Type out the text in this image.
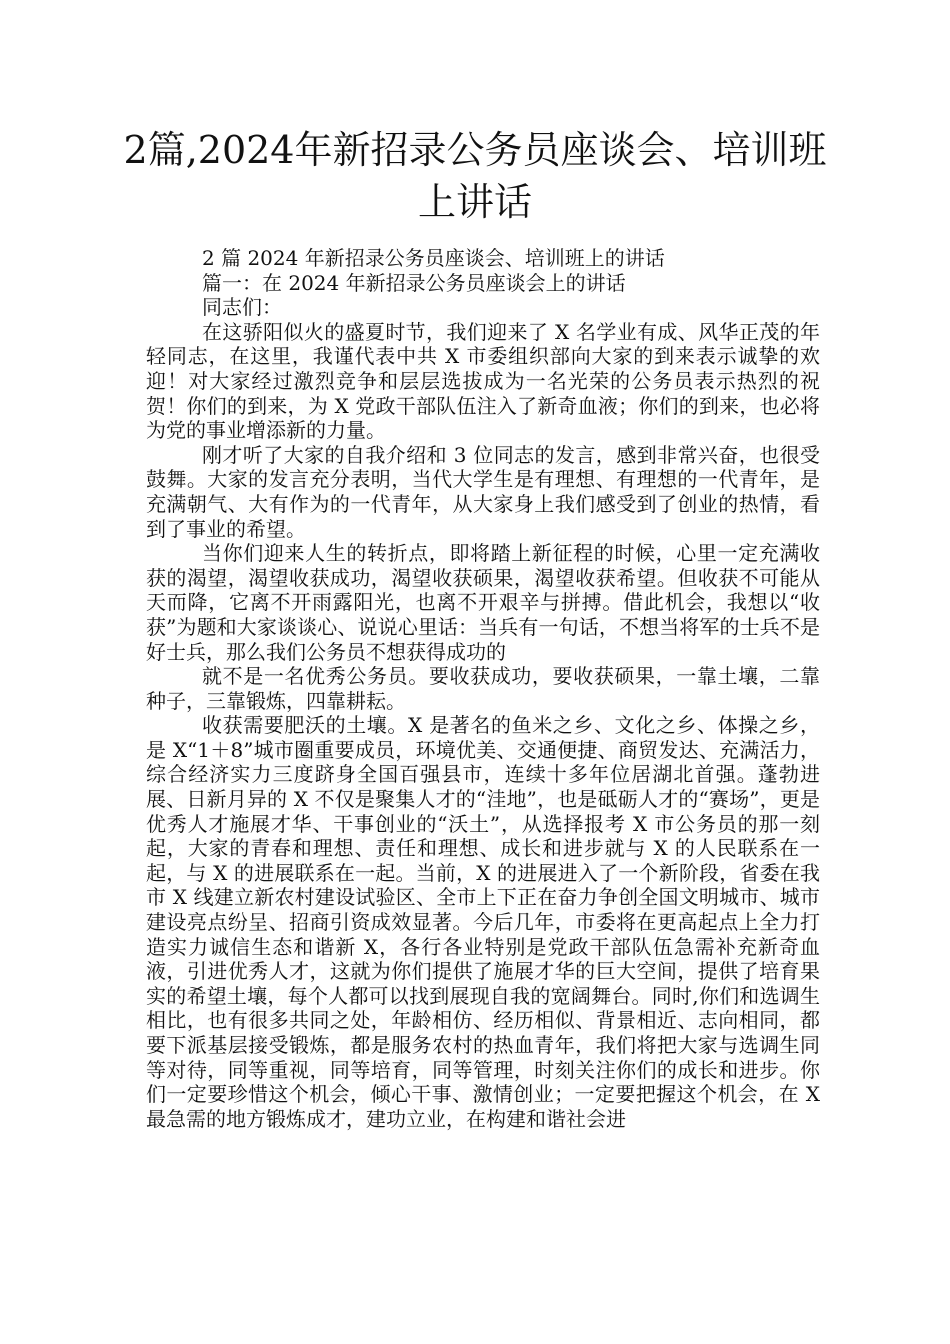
2篇,2024年新招录公务员座谈会、培训班
上讲话

2 篇 2024 年新招录公务员座谈会、培训班上的讲话

篇一：在 2024 年新招录公务员座谈会上的讲话

同志们：

在这骄阳似火的盛夏时节，我们迎来了 X 名学业有成、风华正茂的年轻同志，在这里，我谨代表中共 X 市委组织部向大家的到来表示诚挚的欢迎！对大家经过激烈竞争和层层选拔成为一名光荣的公务员表示热烈的祝贺！你们的到来，为 X 党政干部队伍注入了新奇血液；你们的到来，也必将为党的事业增添新的力量。

刚才听了大家的自我介绍和 3 位同志的发言，感到非常兴奋，也很受鼓舞。大家的发言充分表明，当代大学生是有理想、有理想的一代青年，是充满朝气、大有作为的一代青年，从大家身上我们感受到了创业的热情，看到了事业的希望。

当你们迎来人生的转折点，即将踏上新征程的时候，心里一定充满收获的渴望，渴望收获成功，渴望收获硕果，渴望收获希望。但收获不可能从天而降，它离不开雨露阳光，也离不开艰辛与拼搏。借此机会，我想以“收获”为题和大家谈谈心、说说心里话：当兵有一句话，不想当将军的士兵不是好士兵，那么我们公务员不想获得成功的

就不是一名优秀公务员。要收获成功，要收获硕果，一靠土壤，二靠种子，三靠锻炼，四靠耕耘。

收获需要肥沃的土壤。X 是著名的鱼米之乡、文化之乡、体操之乡，是 X“1＋8”城市圈重要成员，环境优美、交通便捷、商贸发达、充满活力，综合经济实力三度跻身全国百强县市，连续十多年位居湖北首强。蓬勃进展、日新月异的 X 不仅是聚集人才的“洼地”，也是砥砺人才的“赛场”，更是优秀人才施展才华、干事创业的“沃土”，从选择报考 X 市公务员的那一刻起，大家的青春和理想、责任和理想、成长和进步就与 X 的人民联系在一起，与 X 的进展联系在一起。当前，X 的进展进入了一个新阶段，省委在我市 X 线建立新农村建设试验区、全市上下正在奋力争创全国文明城市、城市建设亮点纷呈、招商引资成效显著。今后几年，市委将在更高起点上全力打造实力诚信生态和谐新 X，各行各业特别是党政干部队伍急需补充新奇血液，引进优秀人才，这就为你们提供了施展才华的巨大空间，提供了培育果实的希望土壤，每个人都可以找到展现自我的宽阔舞台。同时,你们和选调生相比，也有很多共同之处，年龄相仿、经历相似、背景相近、志向相同，都要下派基层接受锻炼，都是服务农村的热血青年，我们将把大家与选调生同等对待，同等重视，同等培育，同等管理，时刻关注你们的成长和进步。你们一定要珍惜这个机会，倾心干事、激情创业；一定要把握这个机会，在 X 最急需的地方锻炼成才，建功立业，在构建和谐社会进
